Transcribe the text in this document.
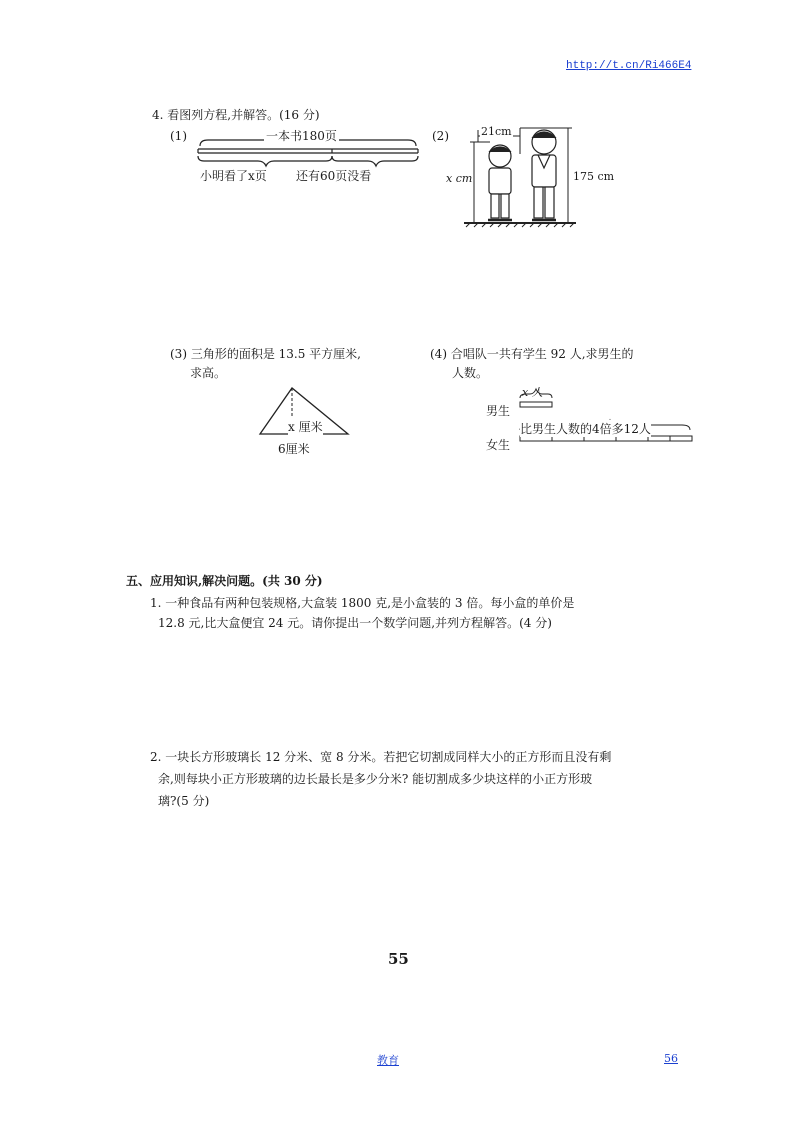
http://t.cn/Ri466E4
4. 看图列方程,并解答。(16 分)
(1)	一本书180页
小明看了x页 还有60页没看
(2)	21cm
175 cm
x cm
(3) 三角形的面积是 13.5 平方厘米,
求高。
x 厘米
6厘米
(4) 合唱队一共有学生 92 人,求男生的
人数。
男生
女生
x 人
比男生人数的4倍多12人
五、应用知识,解决问题。(共 30 分)
1. 一种食品有两种包装规格,大盒装 1800 克,是小盒装的 3 倍。每小盒的单价是
12.8 元,比大盒便宜 24 元。请你提出一个数学问题,并列方程解答。(4 分)
2. 一块长方形玻璃长 12 分米、宽 8 分米。若把它切割成同样大小的正方形而且没有剩
余,则每块小正方形玻璃的边长最长是多少分米? 能切割成多少块这样的小正方形玻
璃?(5 分)
55
教育	56
